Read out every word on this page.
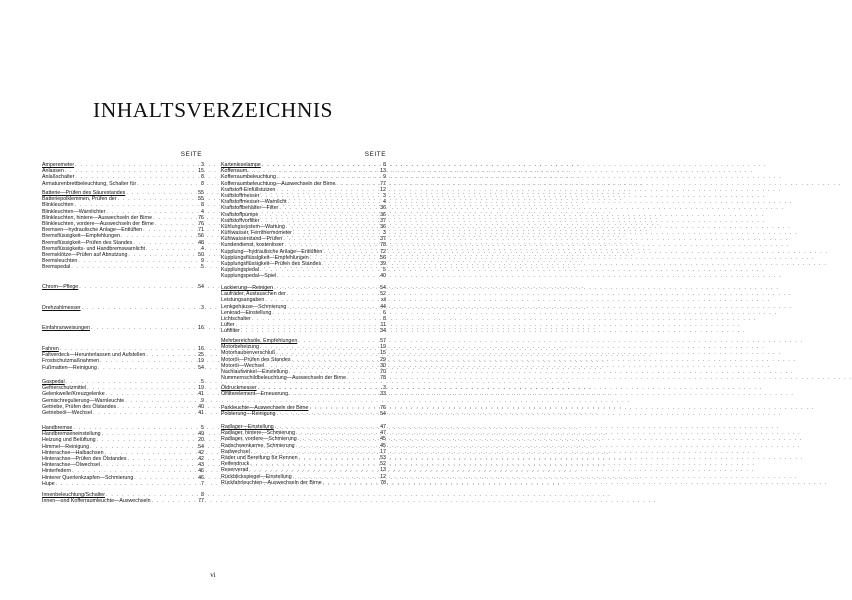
INHALTSVERZEICHNIS
SEITE
Amperemeter . . .	3
Anlassen . . .	15
Anlaßschalter . . .	8
Armaturenbrettbeleuchtung, Schalter für . . .	8
Batterie—Prüfen des Säurestandes . . .	55
Batteriepolklemmen, Prüfen der . . .	55
Blinkleuchten . . .	8
Blinkleuchten—Warnlichter . . .	4
Blinkleuchten, hintere—Auswechseln der Birne . . .	76
Blinkleuchten, vordere—Auswechseln der Birne . . .	76
Bremsen—hydraulische Anlage—Entlüften . . .	71
Bremsflüssigkeit—Empfehlungen . . .	56
Bremsflüssigkeit—Prüfen des Standes . . .	48
Bremsflüssigkeits- und Handbremswarnlicht . . .	4
Bremsklötze—Prüfen auf Abnutzung . . .	50
Bremsleuchten . . .	9
Bremspedal . . .	5
Chrom—Pflege . . .	54
Drehzahlmesser . . .	3
Einfahranweisungen . . .	16
Fahren . . .	16
Faltverdeck—Herunterlassen und Aufstellen . . .	25
Frostschutzmaßnahmen . . .	19
Fußmatten—Reinigung . . .	54
Gaspedal . . .	5
Gefrierschutzmittel . . .	19
Gelenkwelle/Kreuzgelenke . . .	41
Gemischregulierung—Warnleuchte . . .	9
Getriebe, Prüfen des Ölstandes . . .	40
Getriebeöl—Wechsel . . .	41
Handbremse . . .	5
Handbremseneinstellung . . .	49
Heizung und Belüftung . . .	20
Himmel—Reinigung . . .	54
Hinterachse—Halbachsen . . .	42
Hinterachse—Prüfen des Ölstandes . . .	42
Hinterachse—Ölwechsel . . .	43
Hinterfedern . . .	46
Hinterer Querlenkzapfen—Schmierung . . .	46
Hupe . . .	7
Innenbeleuchtung/Schalter . . .	8
Innen—und Kofferraumleuchte—Auswechseln . . .	77
SEITE
Kartenleselampe . . .	8
Kofferraum . . .	13
Kofferraumbeleuchtung . . .	9
Kofferraumbeleuchtung—Auswechseln der Birne . . .	77
Kraftstoff-Einfüllstutzen . . .	12
Kraftstoffmesser . . .	3
Kraftstoffmesser—Warnlicht . . .	4
Kraftstoffbehälter—Filter . . .	36
Kraftstoffpumpe . . .	36
Kraftstoffvorfilter . . .	37
Kühlungssystem—Wartung . . .	36
Kühlwasser, Fernthermometer . . .	3
Kühlwasserstand—Prüfen . . .	37
Kundendienst, kostenloser . . .	78
Kupplung—hydraulische Anlage—Entlüften . . .	72
Kupplungsflüssigkeit—Empfehlungen . . .	56
Kupplungsflüssigkeit—Prüfen des Standes . . .	39
Kupplungspedal . . .	5
Kupplungspedal—Spiel . . .	40
Lackierung—Reinigen . . .	54
Laufräder, Austauschen der . . .	52
Leistungsangaben . . .	xii
Lenkgehäuse—Schmierung . . .	44
Lenkrad—Einstellung . . .	6
Lichtschalter . . .	8
Lüfter . . .	11
Luftfilter . . .	34
Mehrbereichsöle, Empfehlungen . . .	57
Motorbeheizung . . .	19
Motorhaubenverschluß . . .	15
Motoröl—Prüfen des Standes . . .	29
Motoröl—Wechsel . . .	30
Nachlaufwinkel—Einstellung . . .	70
Nummernschildbeleuchtung—Auswechseln der Birne . . .	78
Öldruckmesser . . .	3
Ölfilterelement—Erneuerung . . .	33
Parkleuchte—Auswechseln der Birne . . .	76
Polsterung—Reinigung . . .	54
Radlager—Einstellung . . .	47
Radlager, hintere—Schmierung . . .	47
Radlager, vordere—Schmierung . . .	45
Radschwenkarme, Schmierung . . .	45
Radwechsel . . .	17
Räder und Bereifung für Rennen . . .	53
Reifendruck . . .	52
Reserverad . . .	13
Rückblickspiegel—Einstellung . . .	12
Rückfahrleuchten—Auswechseln der Birne . . .	78
vi
